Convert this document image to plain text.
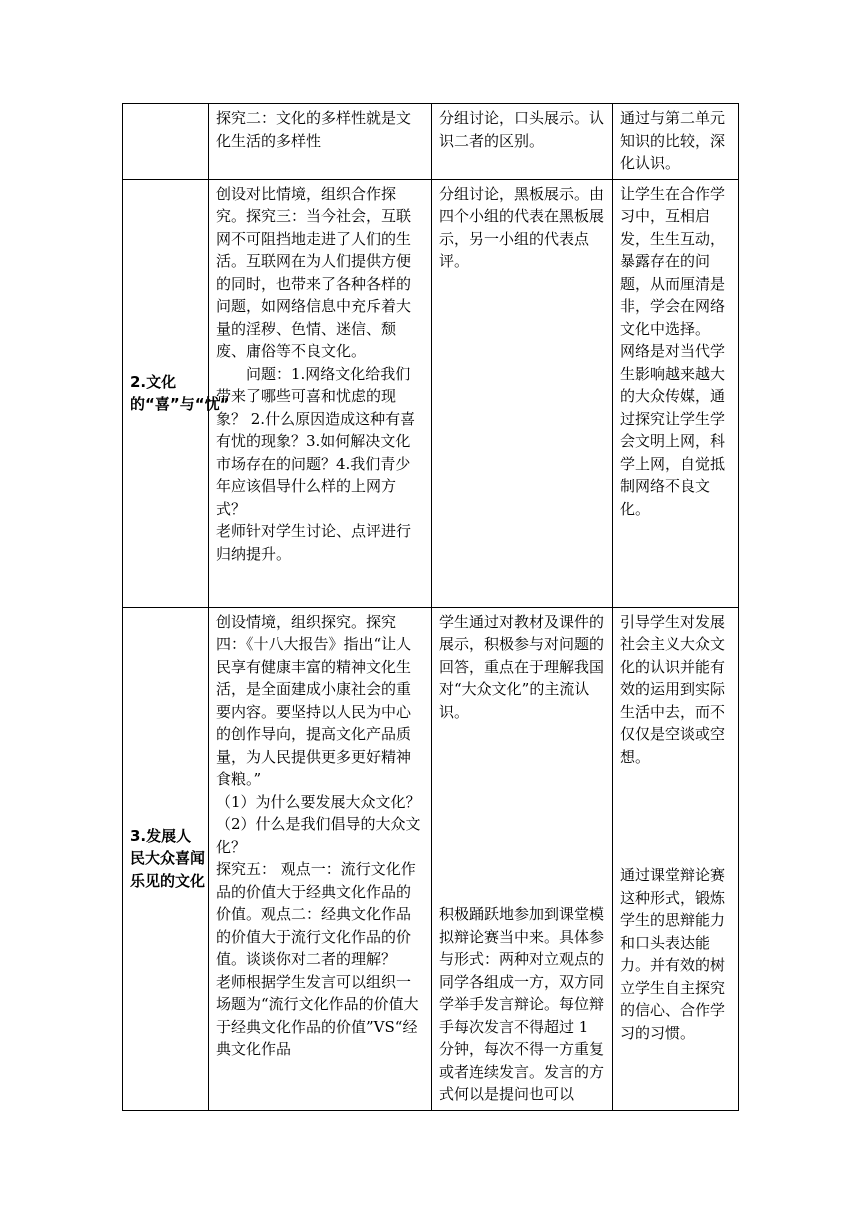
	探究二：文化的多样性就是文化生活的多样性	分组讨论，口头展示。认识二者的区别。	通过与第二单元知识的比较，深化认识。

2.文化的“喜”与“忧”	创设对比情境，组织合作探究。探究三：当今社会，互联网不可阻挡地走进了人们的生活。互联网在为人们提供方便的同时，也带来了各种各样的问题，如网络信息中充斥着大量的淫秽、色情、迷信、颓废、庸俗等不良文化。
问题：1.网络文化给我们带来了哪些可喜和忧虑的现象？ 2.什么原因造成这种有喜有忧的现象？3.如何解决文化市场存在的问题？4.我们青少年应该倡导什么样的上网方式？
老师针对学生讨论、点评进行归纳提升。	分组讨论，黑板展示。由四个小组的代表在黑板展示，另一小组的代表点评。	让学生在合作学习中，互相启发，生生互动，暴露存在的问题，从而厘清是非，学会在网络文化中选择。
网络是对当代学生影响越来越大的大众传媒，通过探究让学生学会文明上网，科学上网，自觉抵制网络不良文化。

3.发展人民大众喜闻乐见的文化	创设情境，组织探究。探究四：《十八大报告》指出“让人民享有健康丰富的精神文化生活，是全面建成小康社会的重要内容。要坚持以人民为中心的创作导向，提高文化产品质量，为人民提供更多更好精神食粮。”
（1）为什么要发展大众文化？
（2）什么是我们倡导的大众文化？
探究五： 观点一：流行文化作品的价值大于经典文化作品的价值。观点二：经典文化作品的价值大于流行文化作品的价值。谈谈你对二者的理解？
老师根据学生发言可以组织一场题为“流行文化作品的价值大于经典文化作品的价值”VS“经典文化作品	学生通过对教材及课件的展示，积极参与对问题的回答，重点在于理解我国对“大众文化”的主流认识。
积极踊跃地参加到课堂模拟辩论赛当中来。具体参与形式：两种对立观点的同学各组成一方，双方同学举手发言辩论。每位辩手每次发言不得超过 1 分钟，每次不得一方重复或者连续发言。发言的方式何以是提问也可以	引导学生对发展社会主义大众文化的认识并能有效的运用到实际生活中去，而不仅仅是空谈或空想。
通过课堂辩论赛这种形式，锻炼学生的思辩能力和口头表达能力。并有效的树立学生自主探究的信心、合作学习的习惯。
